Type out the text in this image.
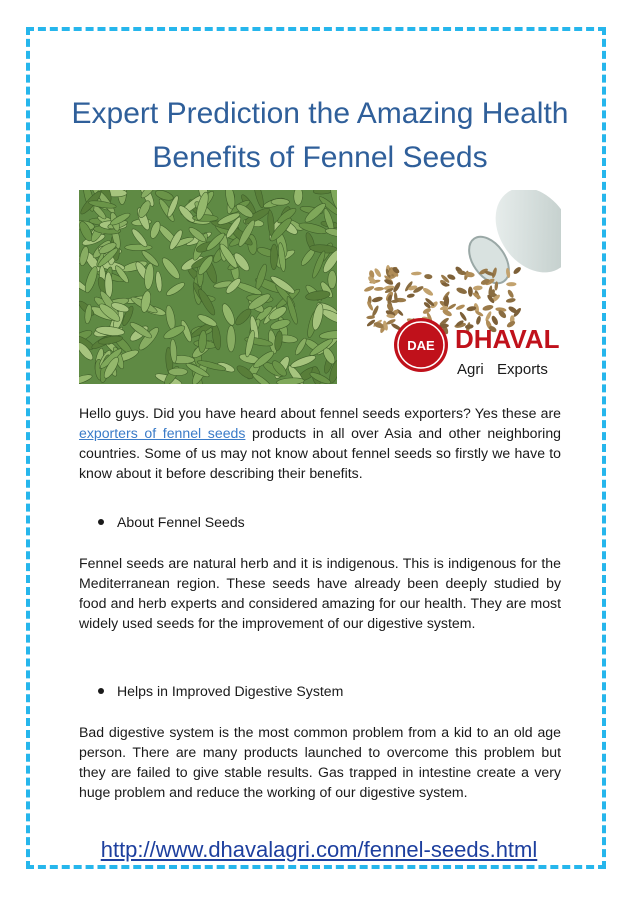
Expert Prediction the Amazing Health Benefits of Fennel Seeds
DAE DHAVAL
Agri Exports

Hello guys. Did you have heard about fennel seeds exporters? Yes these are exporters of fennel seeds products in all over Asia and other neighboring countries. Some of us may not know about fennel seeds so firstly we have to know about it before describing their benefits.

About Fennel Seeds

Fennel seeds are natural herb and it is indigenous. This is indigenous for the Mediterranean region. These seeds have already been deeply studied by food and herb experts and considered amazing for our health. They are most widely used seeds for the improvement of our digestive system.

Helps in Improved Digestive System

Bad digestive system is the most common problem from a kid to an old age person. There are many products launched to overcome this problem but they are failed to give stable results. Gas trapped in intestine create a very huge problem and reduce the working of our digestive system.

http://www.dhavalagri.com/fennel-seeds.html
